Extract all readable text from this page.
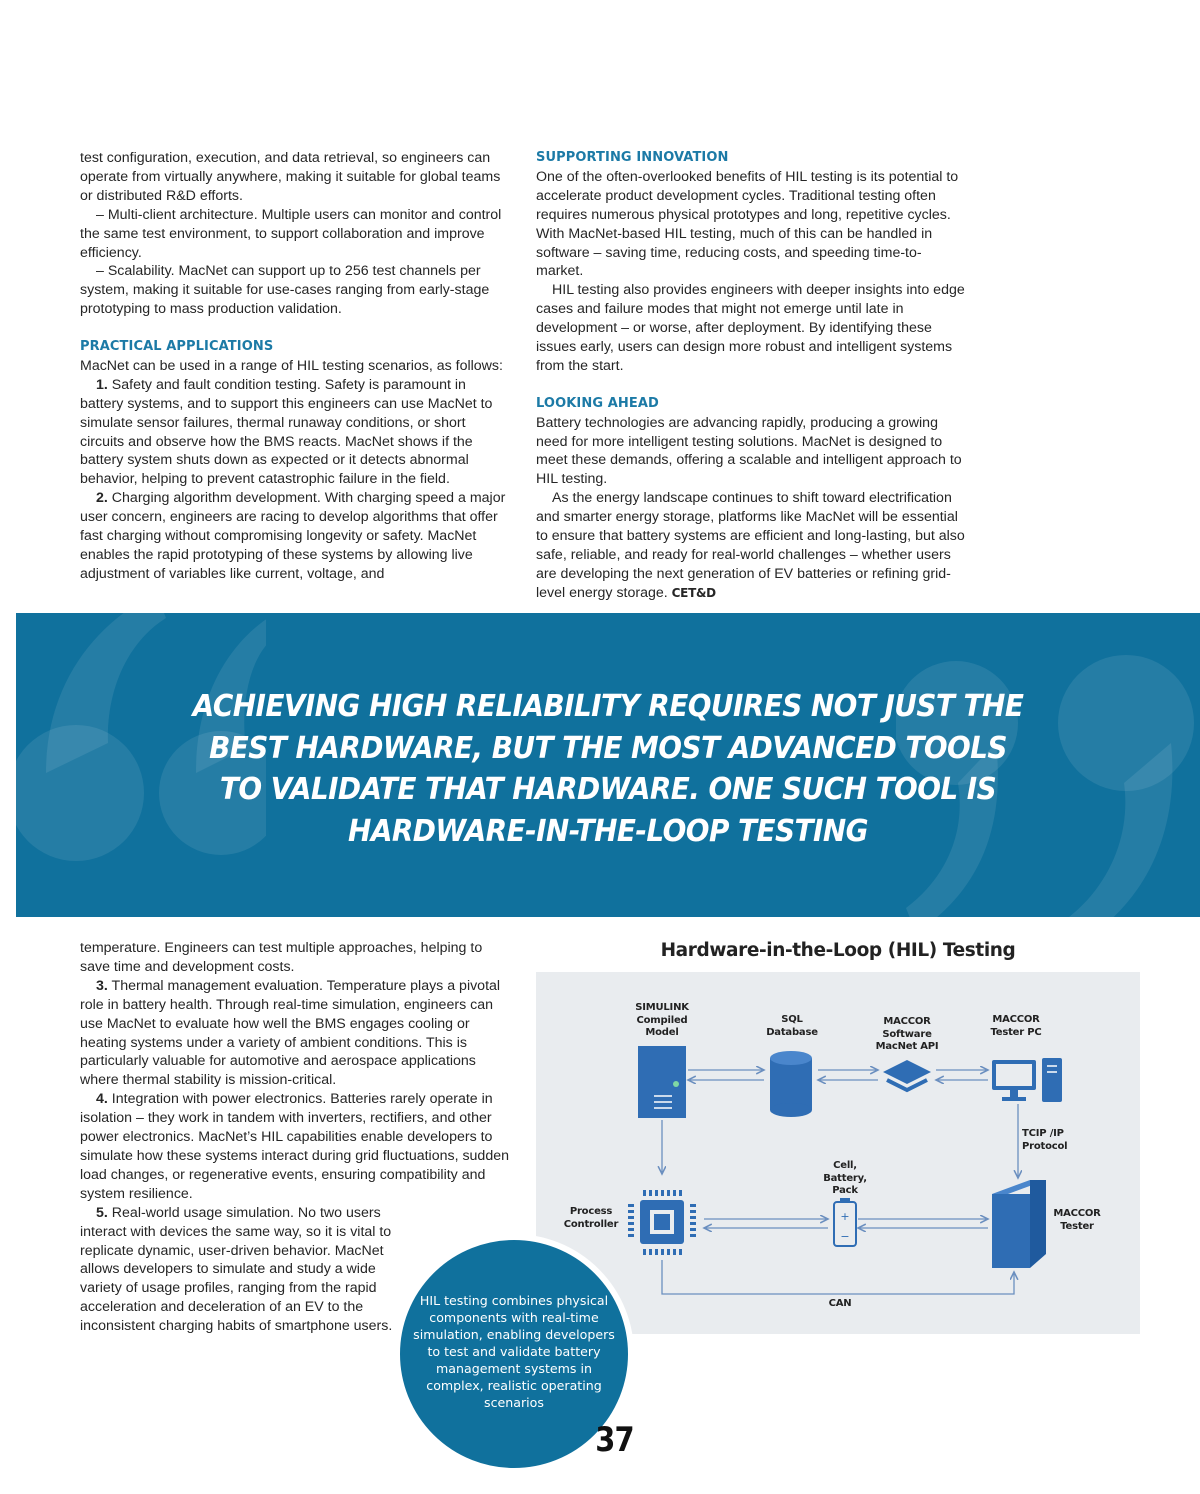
test configuration, execution, and data retrieval, so engineers can operate from virtually anywhere, making it suitable for global teams or distributed R&D efforts.

– Multi-client architecture. Multiple users can monitor and control the same test environment, to support collaboration and improve efficiency.

– Scalability. MacNet can support up to 256 test channels per system, making it suitable for use-cases ranging from early-stage prototyping to mass production validation.

PRACTICAL APPLICATIONS

MacNet can be used in a range of HIL testing scenarios, as follows:

1. Safety and fault condition testing. Safety is paramount in battery systems, and to support this engineers can use MacNet to simulate sensor failures, thermal runaway conditions, or short circuits and observe how the BMS reacts. MacNet shows if the battery system shuts down as expected or it detects abnormal behavior, helping to prevent catastrophic failure in the field.

2. Charging algorithm development. With charging speed a major user concern, engineers are racing to develop algorithms that offer fast charging without compromising longevity or safety. MacNet enables the rapid prototyping of these systems by allowing live adjustment of variables like current, voltage, and

SUPPORTING INNOVATION

One of the often-overlooked benefits of HIL testing is its potential to accelerate product development cycles. Traditional testing often requires numerous physical prototypes and long, repetitive cycles. With MacNet-based HIL testing, much of this can be handled in software – saving time, reducing costs, and speeding time-to-market.

HIL testing also provides engineers with deeper insights into edge cases and failure modes that might not emerge until late in development – or worse, after deployment. By identifying these issues early, users can design more robust and intelligent systems from the start.

LOOKING AHEAD

Battery technologies are advancing rapidly, producing a growing need for more intelligent testing solutions. MacNet is designed to meet these demands, offering a scalable and intelligent approach to HIL testing.

As the energy landscape continues to shift toward electrification and smarter energy storage, platforms like MacNet will be essential to ensure that battery systems are efficient and long-lasting, but also safe, reliable, and ready for real-world challenges – whether users are developing the next generation of EV batteries or refining grid-level energy storage. CET&D

ACHIEVING HIGH RELIABILITY REQUIRES NOT JUST THE
BEST HARDWARE, BUT THE MOST ADVANCED TOOLS
TO VALIDATE THAT HARDWARE. ONE SUCH TOOL IS
HARDWARE-IN-THE-LOOP TESTING

temperature. Engineers can test multiple approaches, helping to save time and development costs.

3. Thermal management evaluation. Temperature plays a pivotal role in battery health. Through real-time simulation, engineers can use MacNet to evaluate how well the BMS engages cooling or heating systems under a variety of ambient conditions. This is particularly valuable for automotive and aerospace applications where thermal stability is mission-critical.

4. Integration with power electronics. Batteries rarely operate in isolation – they work in tandem with inverters, rectifiers, and other power electronics. MacNet’s HIL capabilities enable developers to simulate how these systems interact during grid fluctuations, sudden load changes, or regenerative events, ensuring compatibility and system resilience.

5. Real-world usage simulation. No two users interact with devices the same way, so it is vital to replicate dynamic, user-driven behavior. MacNet allows developers to simulate and study a wide variety of usage profiles, ranging from the rapid acceleration and deceleration of an EV to the inconsistent charging habits of smartphone users.

Hardware-in-the-Loop (HIL) Testing
+
−
SIMULINK
Compiled
Model
SQL
Database
MACCOR
Software
MacNet API
MACCOR
Tester PC
TCIP /IP
Protocol
Cell,
Battery,
Pack
Process
Controller
MACCOR
Tester
CAN
HIL testing combines physical components with real-time simulation, enabling developers to test and validate battery management systems in complex, realistic operating scenarios
37
